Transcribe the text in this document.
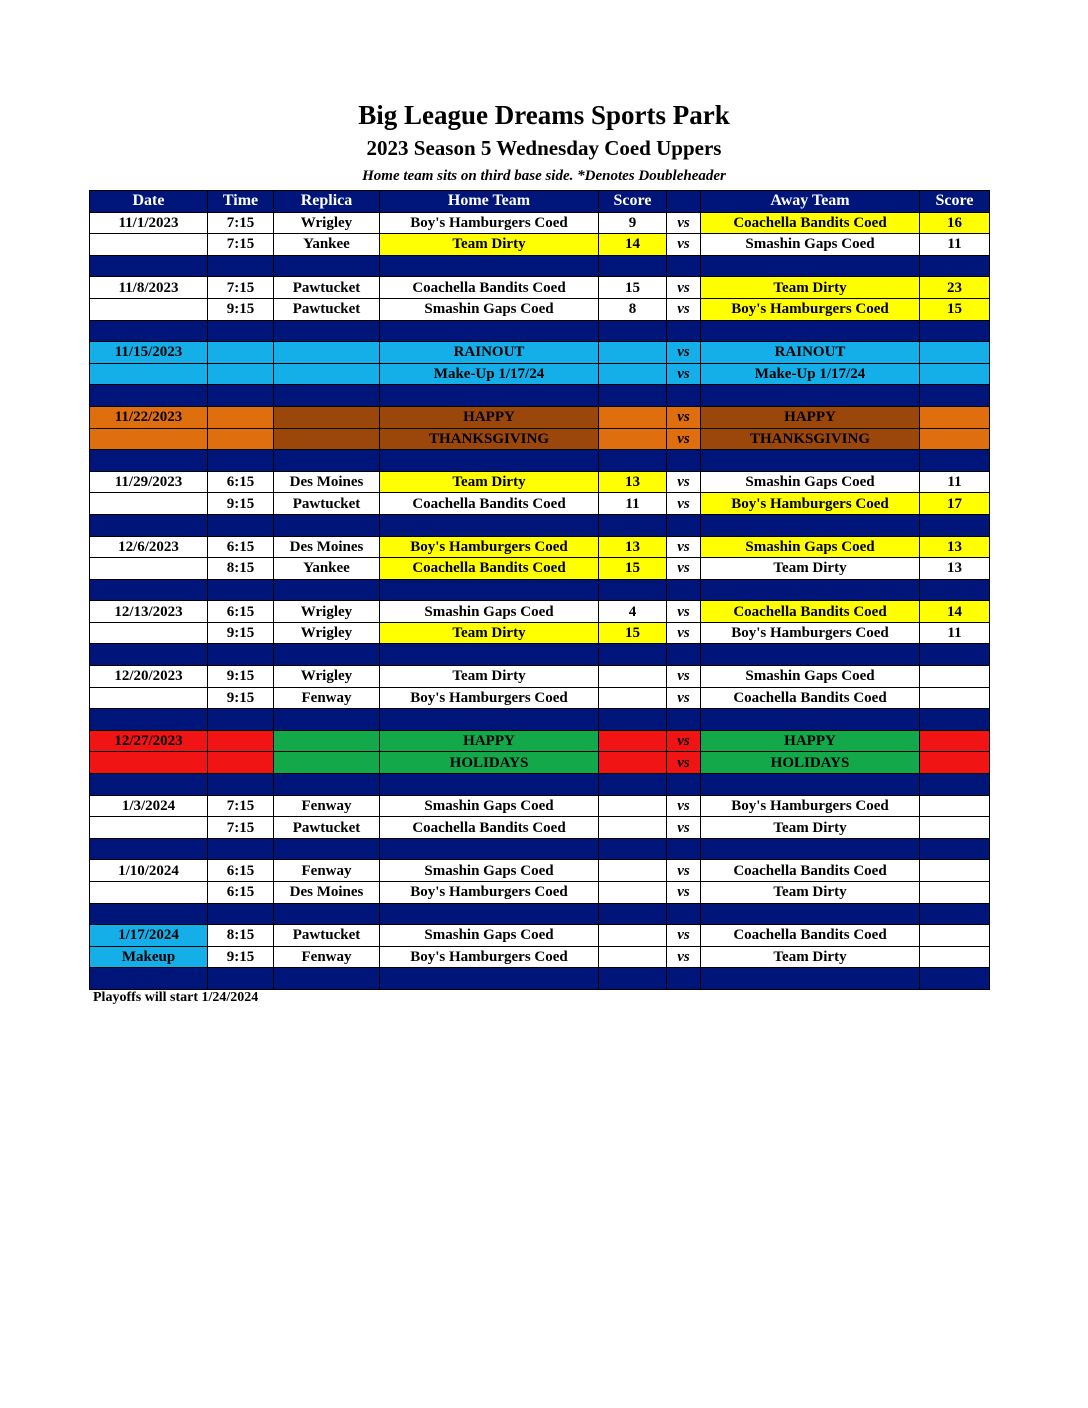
Big League Dreams Sports Park
2023 Season 5 Wednesday Coed Uppers
Home team sits on third base side. *Denotes Doubleheader
Date	Time	Replica	Home Team	Score		Away Team	Score
11/1/2023	7:15	Wrigley	Boy's Hamburgers Coed	9	vs	Coachella Bandits Coed	16
	7:15	Yankee	Team Dirty	14	vs	Smashin Gaps Coed	11

11/8/2023	7:15	Pawtucket	Coachella Bandits Coed	15	vs	Team Dirty	23
	9:15	Pawtucket	Smashin Gaps Coed	8	vs	Boy's Hamburgers Coed	15

11/15/2023			RAINOUT		vs	RAINOUT	
			Make-Up 1/17/24		vs	Make-Up 1/17/24	

11/22/2023			HAPPY		vs	HAPPY	
			THANKSGIVING		vs	THANKSGIVING	

11/29/2023	6:15	Des Moines	Team Dirty	13	vs	Smashin Gaps Coed	11
	9:15	Pawtucket	Coachella Bandits Coed	11	vs	Boy's Hamburgers Coed	17

12/6/2023	6:15	Des Moines	Boy's Hamburgers Coed	13	vs	Smashin Gaps Coed	13
	8:15	Yankee	Coachella Bandits Coed	15	vs	Team Dirty	13

12/13/2023	6:15	Wrigley	Smashin Gaps Coed	4	vs	Coachella Bandits Coed	14
	9:15	Wrigley	Team Dirty	15	vs	Boy's Hamburgers Coed	11

12/20/2023	9:15	Wrigley	Team Dirty		vs	Smashin Gaps Coed	
	9:15	Fenway	Boy's Hamburgers Coed		vs	Coachella Bandits Coed	

12/27/2023			HAPPY		vs	HAPPY	
			HOLIDAYS		vs	HOLIDAYS	

1/3/2024	7:15	Fenway	Smashin Gaps Coed		vs	Boy's Hamburgers Coed	
	7:15	Pawtucket	Coachella Bandits Coed		vs	Team Dirty	

1/10/2024	6:15	Fenway	Smashin Gaps Coed		vs	Coachella Bandits Coed	
	6:15	Des Moines	Boy's Hamburgers Coed		vs	Team Dirty	

1/17/2024	8:15	Pawtucket	Smashin Gaps Coed		vs	Coachella Bandits Coed	
Makeup	9:15	Fenway	Boy's Hamburgers Coed		vs	Team Dirty	

Playoffs will start 1/24/2024
